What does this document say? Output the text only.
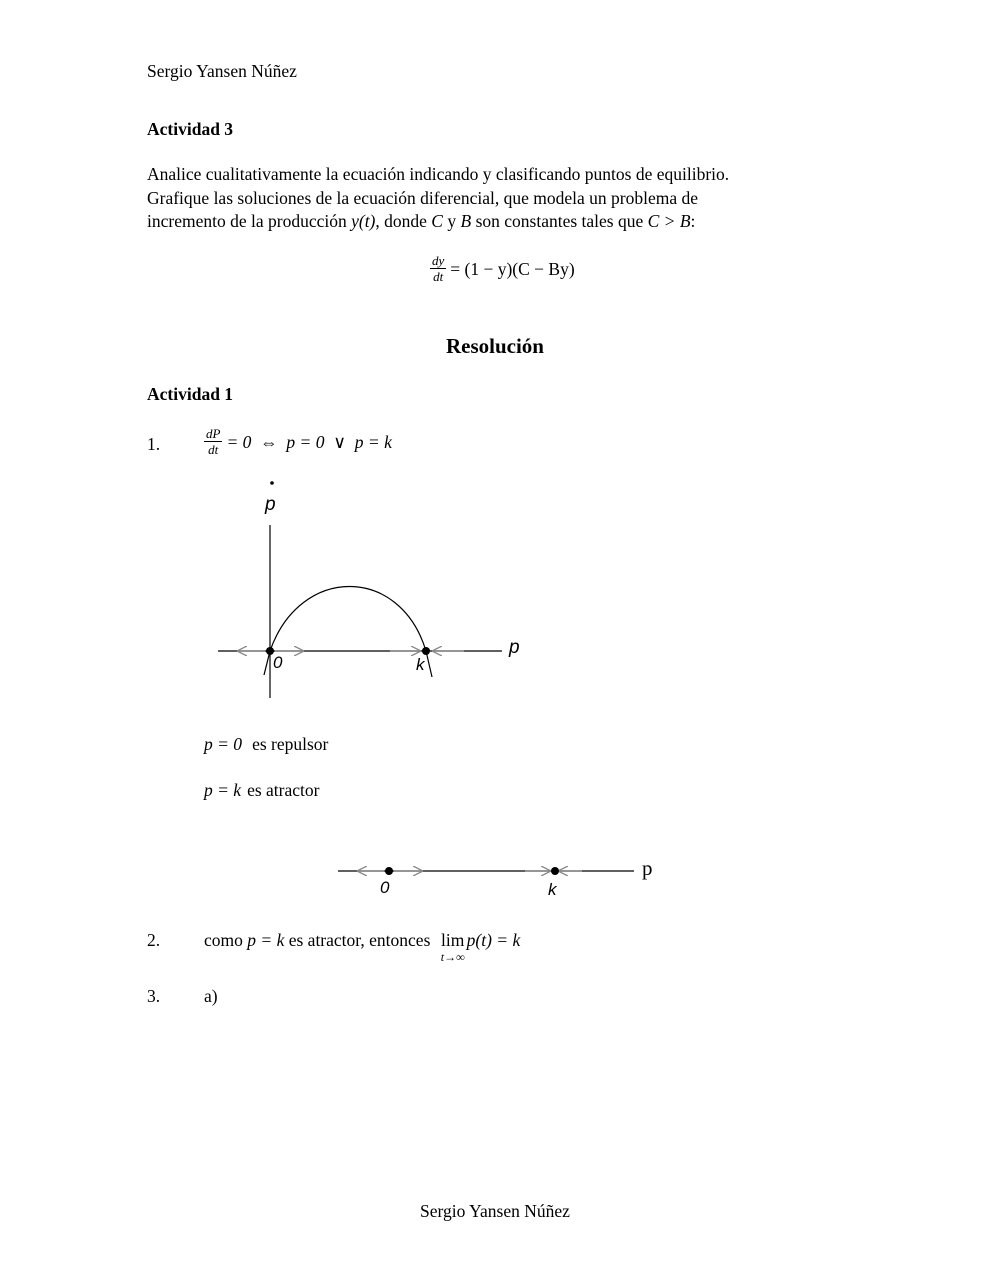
Sergio Yansen Núñez
Actividad 3
Analice cualitativamente la ecuación indicando y clasificando puntos de equilibrio.
Grafique las soluciones de la ecuación diferencial, que modela un problema de
incremento de la producción y(t), donde C y B son constantes tales que C > B:
$\frac{dy}{dt} = (1 - y)(C - By)$
Resolución
Actividad 1
1.	$\frac{dP}{dt} = 0$  ⇔  p = 0  ∨  p = k
p
p
0	k
p = 0 es repulsor
p = k es atractor
0	k
p
2.	como p = k es atractor, entonces lim
t→∞
p(t) = k
3.	a)
Sergio Yansen Núñez
